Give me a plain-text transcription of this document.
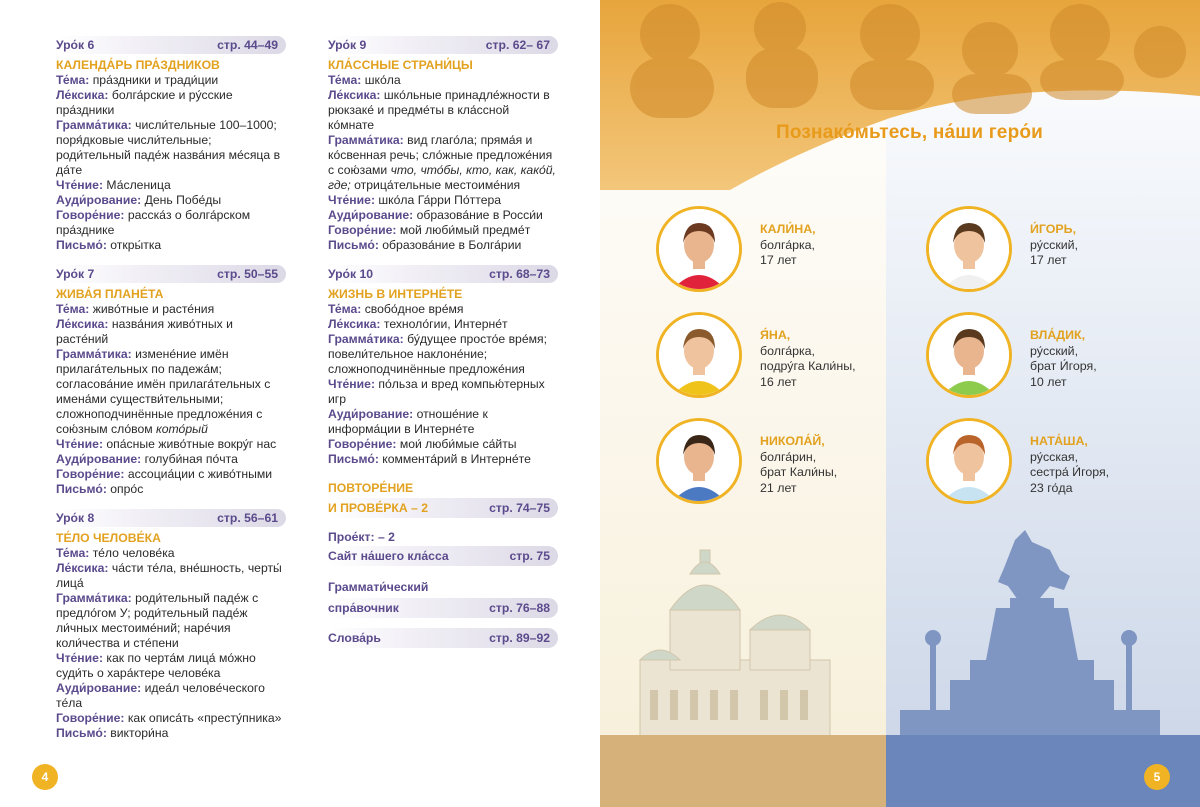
Уро́к 6	стр. 44–49
КАЛЕНДА́РЬ ПРА́ЗДНИКОВ
Те́ма: пра́здники и тради́ции
Ле́ксика: болга́рские и ру́сские пра́здники
Грамма́тика: числи́тельные 100–1000; поря́дковые числи́тельные; роди́тельный паде́ж назва́ния ме́сяца в да́те
Чте́ние: Ма́сленица
Ауди́рование: День Побе́ды
Говоре́ние: расска́з о болга́рском пра́зднике
Письмо́: откры́тка
Уро́к 7	стр. 50–55
ЖИВА́Я ПЛАНЕ́ТА
Те́ма: живо́тные и расте́ния
Ле́ксика: назва́ния живо́тных и расте́ний
Грамма́тика: измене́ние имён прилага́тельных по падежа́м; согласова́ние имён прилага́тельных с имена́ми существи́тельными; сложноподчинённые предложе́ния с сою́зным сло́вом кото́рый
Чте́ние: опа́сные живо́тные вокру́г нас
Ауди́рование: голуби́ная по́чта
Говоре́ние: ассоциа́ции с живо́тными
Письмо́: опро́с
Уро́к 8	стр. 56–61
ТЕ́ЛО ЧЕЛОВЕ́КА
Те́ма: те́ло челове́ка
Ле́ксика: ча́сти те́ла, вне́шность, черты́ лица́
Грамма́тика: роди́тельный паде́ж с предло́гом У; роди́тельный паде́ж ли́чных местоиме́ний; наре́чия коли́чества и сте́пени
Чте́ние: как по черта́м лица́ мо́жно суди́ть о хара́ктере челове́ка
Ауди́рование: идеа́л челове́ческого те́ла
Говоре́ние: как описа́ть «престу́пника»
Письмо́: виктори́на
Уро́к 9	стр. 62– 67
КЛА́ССНЫЕ СТРАНИ́ЦЫ
Те́ма: шко́ла
Ле́ксика: шко́льные принадле́жности в рюкзаке́ и предме́ты в кла́ссной ко́мнате
Грамма́тика: вид глаго́ла; пряма́я и ко́свенная речь; сло́жные предложе́ния с сою́зами что, что́бы, кто, как, како́й, где; отрица́тельные местоиме́ния
Чте́ние: шко́ла Га́рри По́ттера
Ауди́рование: образова́ние в Росси́и
Говоре́ние: мой люби́мый предме́т
Письмо́: образова́ние в Болга́рии
Уро́к 10	стр. 68–73
ЖИЗНЬ В ИНТЕРНЕ́ТЕ
Те́ма: свобо́дное вре́мя
Ле́ксика: техноло́гии, Интерне́т
Грамма́тика: бу́дущее просто́е вре́мя; повели́тельное наклоне́ние; сложноподчинённые предложе́ния
Чте́ние: по́льза и вред компью́терных игр
Ауди́рование: отноше́ние к информа́ции в Интерне́те
Говоре́ние: мои́ люби́мые са́йты
Письмо́: коммента́рий в Интерне́те
ПОВТОРЕ́НИЕ
И ПРОВЕ́РКА – 2	стр. 74–75
Прое́кт: – 2
Сайт на́шего кла́сса	стр. 75
Граммати́ческий
спра́вочник	стр. 76–88
Слова́рь	стр. 89–92
4
Познако́мьтесь, на́ши геро́и
КАЛИ́НА,
болга́рка,
17 лет
Я́НА,
болга́рка,
подру́га Кали́ны,
16 лет
НИКОЛА́Й,
болга́рин,
брат Кали́ны,
21 лет
И́ГОРЬ,
ру́сский,
17 лет
ВЛА́ДИК,
ру́сский,
брат И́горя,
10 лет
НАТА́ША,
ру́сская,
сестра́ И́горя,
23 го́да
5
